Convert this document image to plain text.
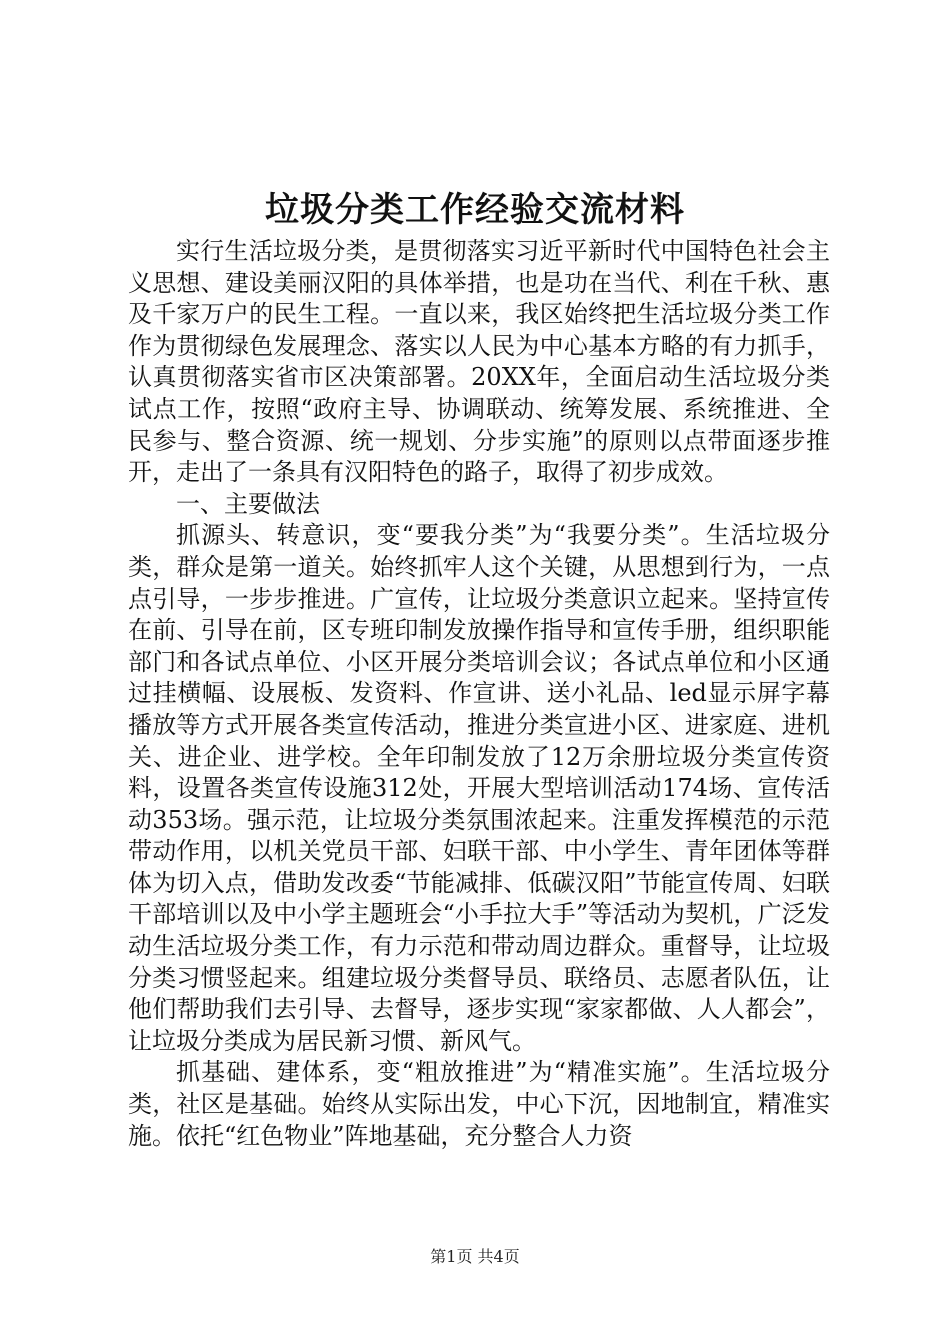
垃圾分类工作经验交流材料

实行生活垃圾分类，是贯彻落实习近平新时代中国特色社会主义思想、建设美丽汉阳的具体举措，也是功在当代、利在千秋、惠及千家万户的民生工程。一直以来，我区始终把生活垃圾分类工作作为贯彻绿色发展理念、落实以人民为中心基本方略的有力抓手，认真贯彻落实省市区决策部署。20XX年，全面启动生活垃圾分类试点工作，按照“政府主导、协调联动、统筹发展、系统推进、全民参与、整合资源、统一规划、分步实施”的原则以点带面逐步推开，走出了一条具有汉阳特色的路子，取得了初步成效。

一、主要做法

抓源头、转意识，变“要我分类”为“我要分类”。生活垃圾分类，群众是第一道关。始终抓牢人这个关键，从思想到行为，一点点引导，一步步推进。广宣传，让垃圾分类意识立起来。坚持宣传在前、引导在前，区专班印制发放操作指导和宣传手册，组织职能部门和各试点单位、小区开展分类培训会议；各试点单位和小区通过挂横幅、设展板、发资料、作宣讲、送小礼品、led显示屏字幕播放等方式开展各类宣传活动，推进分类宣进小区、进家庭、进机关、进企业、进学校。全年印制发放了12万余册垃圾分类宣传资料，设置各类宣传设施312处，开展大型培训活动174场、宣传活动353场。强示范，让垃圾分类氛围浓起来。注重发挥模范的示范带动作用，以机关党员干部、妇联干部、中小学生、青年团体等群体为切入点，借助发改委“节能减排、低碳汉阳”节能宣传周、妇联干部培训以及中小学主题班会“小手拉大手”等活动为契机，广泛发动生活垃圾分类工作，有力示范和带动周边群众。重督导，让垃圾分类习惯竖起来。组建垃圾分类督导员、联络员、志愿者队伍，让他们帮助我们去引导、去督导，逐步实现“家家都做、人人都会”，让垃圾分类成为居民新习惯、新风气。

抓基础、建体系，变“粗放推进”为“精准实施”。生活垃圾分类，社区是基础。始终从实际出发，中心下沉，因地制宜，精准实施。依托“红色物业”阵地基础，充分整合人力资

第1页 共4页
